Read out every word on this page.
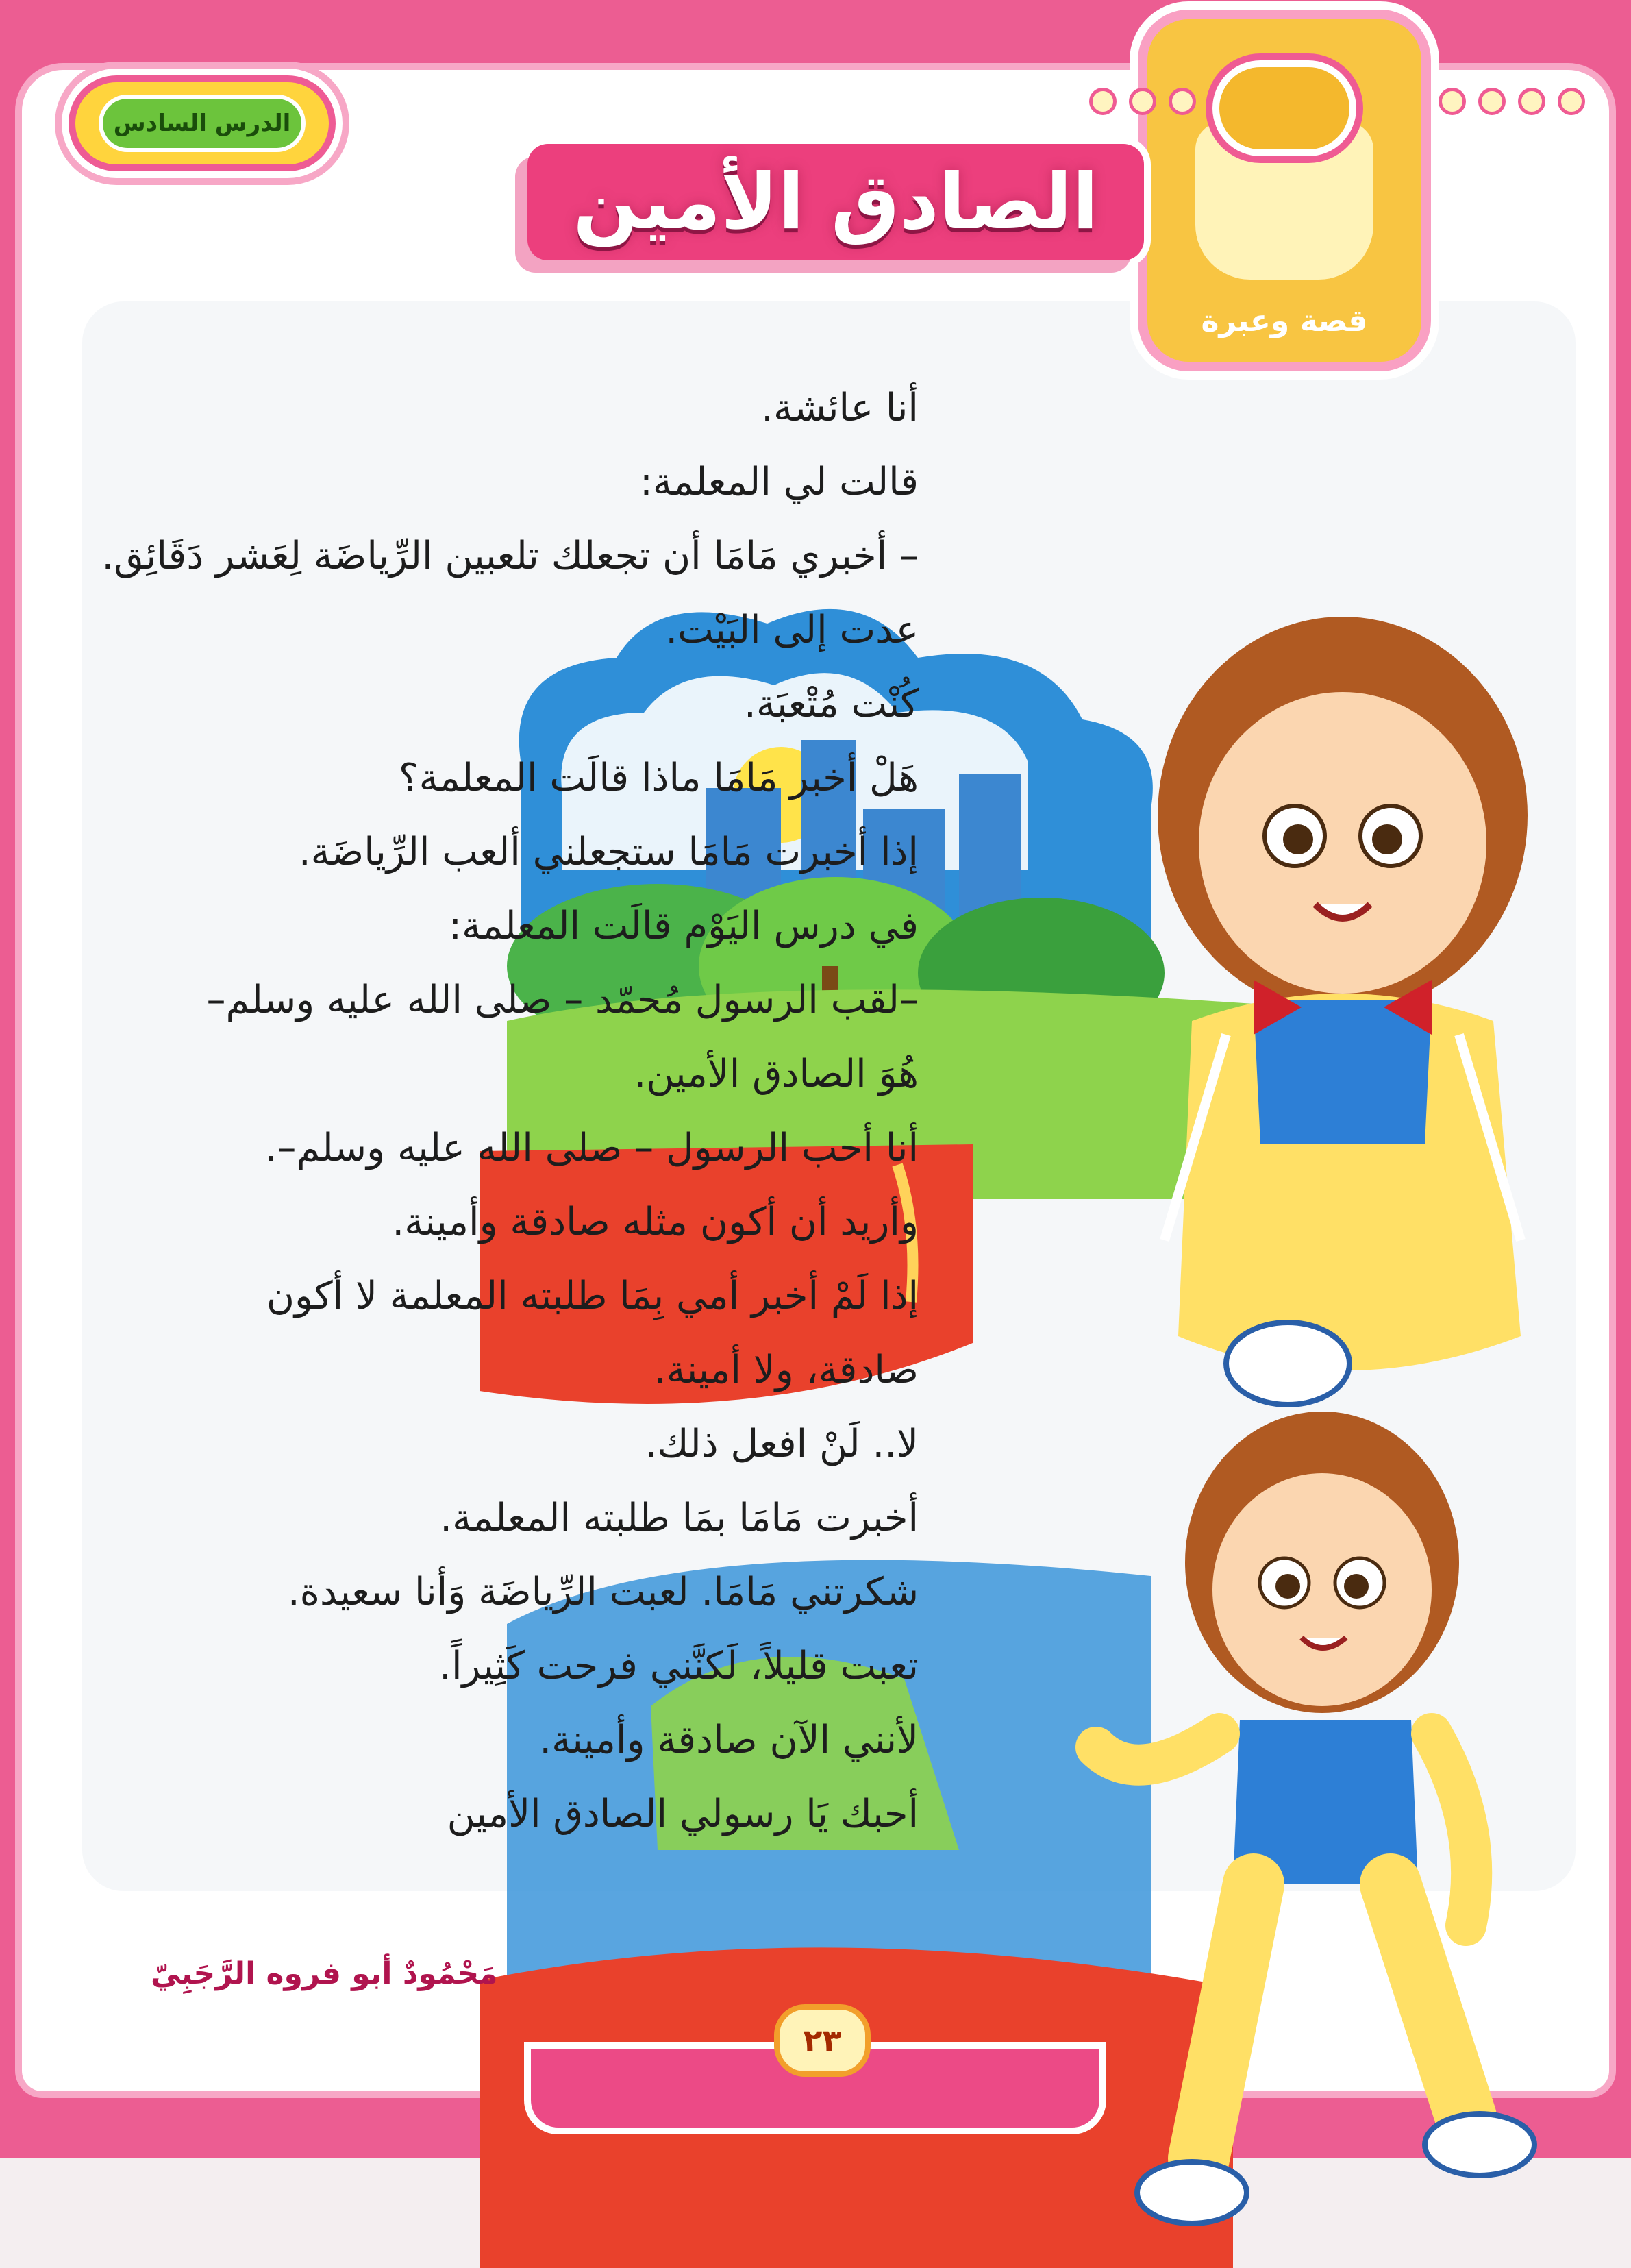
قصة وعبرة
الدرس السادس
الصادق الأمين
أنا عائشة.
قالت لي المعلمة:
– أخبري مَامَا أن تجعلك تلعبين الرِّياضَة لِعَشر دَقَائِق.
عدت إلى البَيْت.
كُنْت مُتْعبَة.
هَلْ أخبر مَامَا ماذا قالَت المعلمة؟
إذا أخبرت مَامَا ستجعلني ألعب الرِّياضَة.
في درس اليَوْم قالَت المعلمة:
–لقب الرسول مُحمّد – صلى الله عليه وسلم–
هُوَ الصادق الأمين.
أنا أحب الرسول – صلى الله عليه وسلم–.
وأريد أن أكون مثله صادقة وأمينة.
إذا لَمْ أخبر أمي بِمَا طلبته المعلمة لا أكون
صادقة، ولا أمينة.
لا.. لَنْ افعل ذلك.
أخبرت مَامَا بمَا طلبته المعلمة.
شكرتني مَامَا. لعبت الرِّياضَة وَأنا سعيدة.
تعبت قليلاً، لَكنَّني فرحت كَثِيراً.
لأنني الآن صادقة وأمينة.
أحبك يَا رسولي الصادق الأمين
مَحْمُودٌ أبو فروه الرَّجَبِيّ
٢٣
